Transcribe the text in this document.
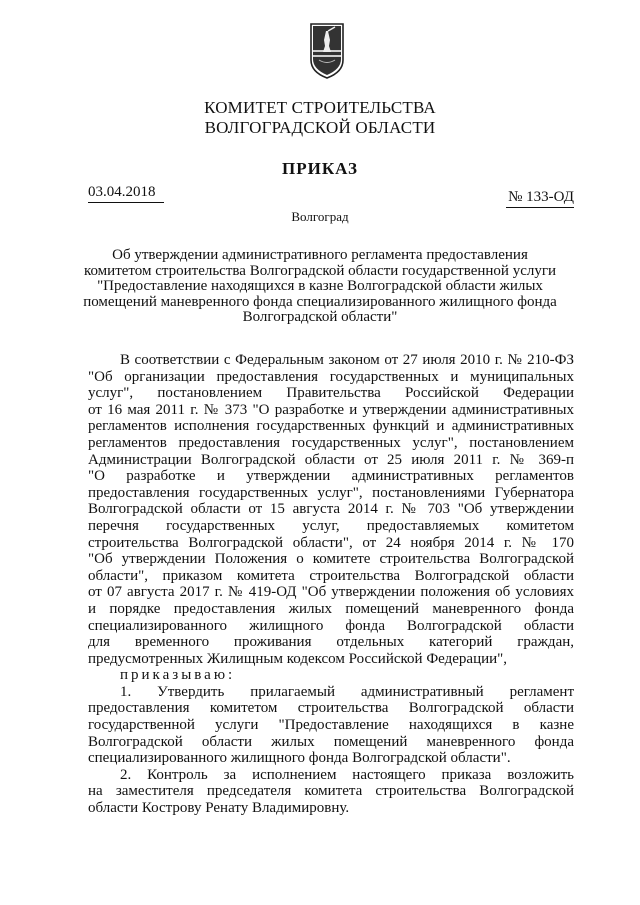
КОМИТЕТ СТРОИТЕЛЬСТВА
ВОЛГОГРАДСКОЙ ОБЛАСТИ
ПРИКАЗ
03.04.2018	№ 133-ОД
Волгоград
Об утверждении административного регламента предоставления
комитетом строительства Волгоградской области государственной услуги
"Предоставление находящихся в казне Волгоградской области жилых
помещений маневренного фонда специализированного жилищного фонда
Волгоградской области"
В соответствии с Федеральным законом от 27 июля 2010 г. № 210-ФЗ
"Об организации предоставления государственных и муниципальных
услуг", постановлением Правительства Российской Федерации
от 16 мая 2011 г. № 373 "О разработке и утверждении административных
регламентов исполнения государственных функций и административных
регламентов предоставления государственных услуг", постановлением
Администрации Волгоградской области от 25 июля 2011 г. № 369-п
"О разработке и утверждении административных регламентов
предоставления государственных услуг", постановлениями Губернатора
Волгоградской области от 15 августа 2014 г. № 703 "Об утверждении
перечня государственных услуг, предоставляемых комитетом
строительства Волгоградской области", от 24 ноября 2014 г. № 170
"Об утверждении Положения о комитете строительства Волгоградской
области", приказом комитета строительства Волгоградской области
от 07 августа 2017 г. № 419-ОД "Об утверждении положения об условиях
и порядке предоставления жилых помещений маневренного фонда
специализированного жилищного фонда Волгоградской области
для временного проживания отдельных категорий граждан,
предусмотренных Жилищным кодексом Российской Федерации",
приказываю:
1. Утвердить прилагаемый административный регламент
предоставления комитетом строительства Волгоградской области
государственной услуги "Предоставление находящихся в казне
Волгоградской области жилых помещений маневренного фонда
специализированного жилищного фонда Волгоградской области".
2. Контроль за исполнением настоящего приказа возложить
на заместителя председателя комитета строительства Волгоградской
области Кострову Ренату Владимировну.
